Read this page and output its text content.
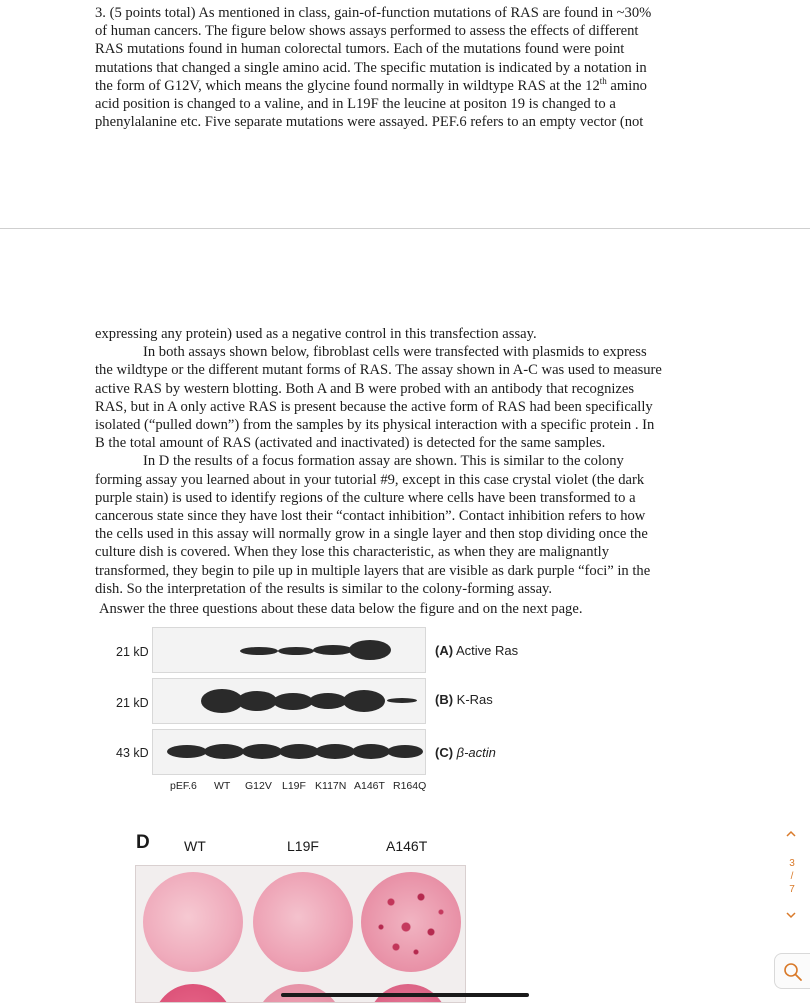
3. (5 points total) As mentioned in class, gain-of-function mutations of RAS are found in ~30%
of human cancers. The figure below shows assays performed to assess the effects of different
RAS mutations found in human colorectal tumors. Each of the mutations found were point
mutations that changed a single amino acid. The specific mutation is indicated by a notation in
the form of G12V, which means the glycine found normally in wildtype RAS at the 12th amino
acid position is changed to a valine, and in L19F the leucine at positon 19 is changed to a
phenylalanine etc. Five separate mutations were assayed. PEF.6 refers to an empty vector (not
expressing any protein) used as a negative control in this transfection assay.
In both assays shown below, fibroblast cells were transfected with plasmids to express
the wildtype or the different mutant forms of RAS. The assay shown in A-C was used to measure
active RAS by western blotting. Both A and B were probed with an antibody that recognizes
RAS, but in A only active RAS is present because the active form of RAS had been specifically
isolated (“pulled down”) from the samples by its physical interaction with a specific protein . In
B the total amount of RAS (activated and inactivated) is detected for the same samples.
In D the results of a focus formation assay are shown. This is similar to the colony
forming assay you learned about in your tutorial #9, except in this case crystal violet (the dark
purple stain) is used to identify regions of the culture where cells have been transformed to a
cancerous state since they have lost their “contact inhibition”. Contact inhibition refers to how
the cells used in this assay will normally grow in a single layer and then stop dividing once the
culture dish is covered. When they lose this characteristic, as when they are malignantly
transformed, they begin to pile up in multiple layers that are visible as dark purple “foci” in the
dish. So the interpretation of the results is similar to the colony-forming assay.
Answer the three questions about these data below the figure and on the next page.
21 kD	(A) Active Ras
21 kD	(B) K-Ras
43 kD	(C) β-actin
pEF.6 WT G12V L19F K117N A146T R164Q
D WT	L19F	A146T
3
/
7
